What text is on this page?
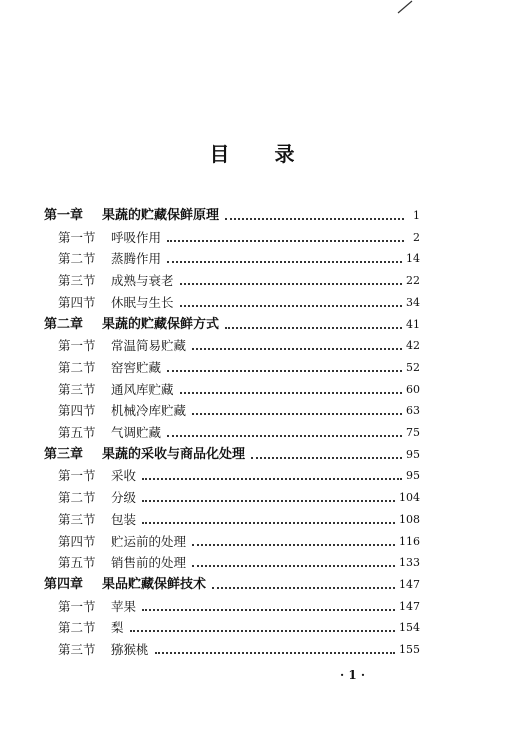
目 录
第一章 果蔬的贮藏保鲜原理	1
第一节 呼吸作用	2
第二节 蒸腾作用	14
第三节 成熟与衰老	22
第四节 休眠与生长	34
第二章 果蔬的贮藏保鲜方式	41
第一节 常温简易贮藏	42
第二节 窑窖贮藏	52
第三节 通风库贮藏	60
第四节 机械冷库贮藏	63
第五节 气调贮藏	75
第三章 果蔬的采收与商品化处理	95
第一节 采收	95
第二节 分级	104
第三节 包装	108
第四节 贮运前的处理	116
第五节 销售前的处理	133
第四章 果品贮藏保鲜技术	147
第一节 苹果	147
第二节 梨	154
第三节 猕猴桃	155
· 1 ·
